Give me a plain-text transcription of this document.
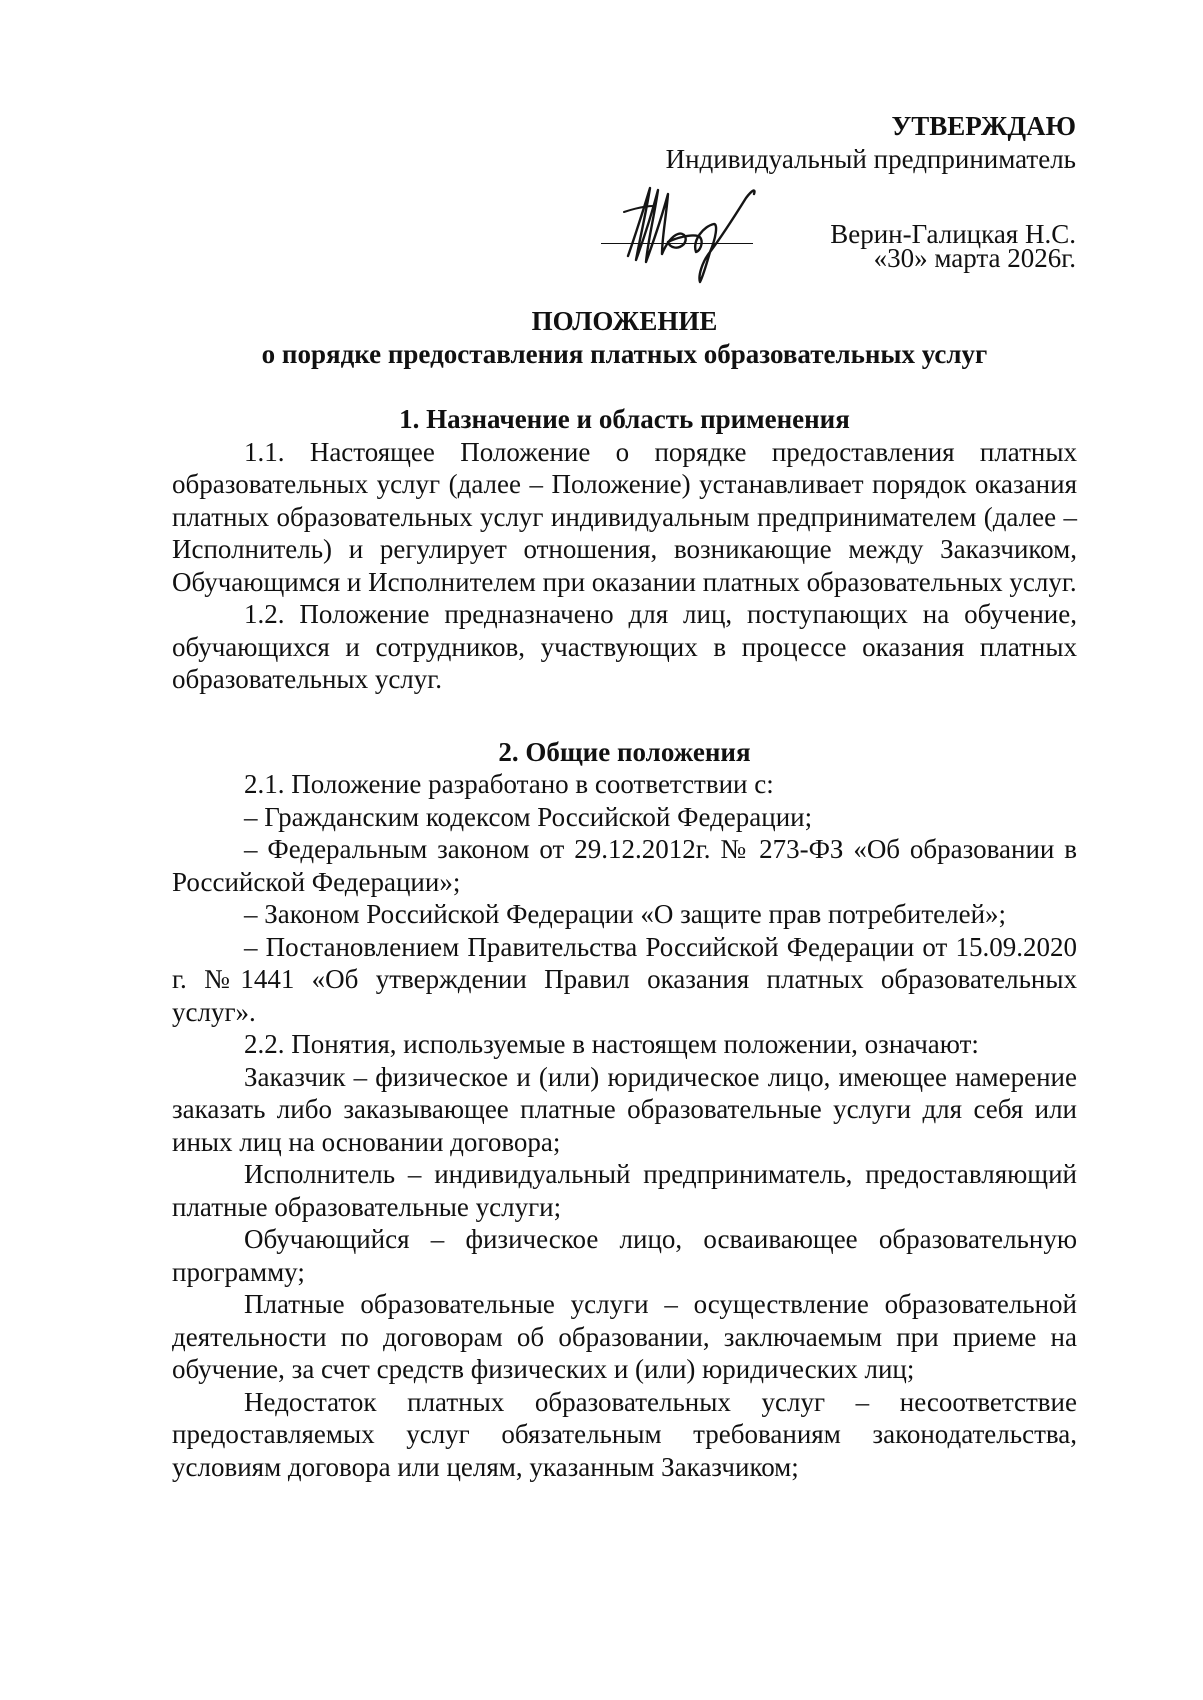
УТВЕРЖДАЮ
Индивидуальный предприниматель
Верин-Галицкая Н.С.
«30» марта 2026г.
ПОЛОЖЕНИЕ
о порядке предоставления платных образовательных услуг
1. Назначение и область применения

1.1. Настоящее Положение о порядке предоставления платных образовательных услуг (далее – Положение) устанавливает порядок оказания платных образовательных услуг индивидуальным предпринимателем (далее – Исполнитель) и регулирует отношения, возникающие между Заказчиком, Обучающимся и Исполнителем при оказании платных образовательных услуг.

1.2. Положение предназначено для лиц, поступающих на обучение, обучающихся и сотрудников, участвующих в процессе оказания платных образовательных услуг.

2. Общие положения

2.1. Положение разработано в соответствии с:

– Гражданским кодексом Российской Федерации;

– Федеральным законом от 29.12.2012г. № 273-ФЗ «Об образовании в Российской Федерации»;

– Законом Российской Федерации «О защите прав потребителей»;

– Постановлением Правительства Российской Федерации от 15.09.2020 г. №1441 «Об утверждении Правил оказания платных образовательных услуг».

2.2. Понятия, используемые в настоящем положении, означают:

Заказчик – физическое и (или) юридическое лицо, имеющее намерение заказать либо заказывающее платные образовательные услуги для себя или иных лиц на основании договора;

Исполнитель – индивидуальный предприниматель, предоставляющий платные образовательные услуги;

Обучающийся – физическое лицо, осваивающее образовательную программу;

Платные образовательные услуги – осуществление образовательной деятельности по договорам об образовании, заключаемым при приеме на обучение, за счет средств физических и (или) юридических лиц;

Недостаток платных образовательных услуг – несоответствие предоставляемых услуг обязательным требованиям законодательства, условиям договора или целям, указанным Заказчиком;
